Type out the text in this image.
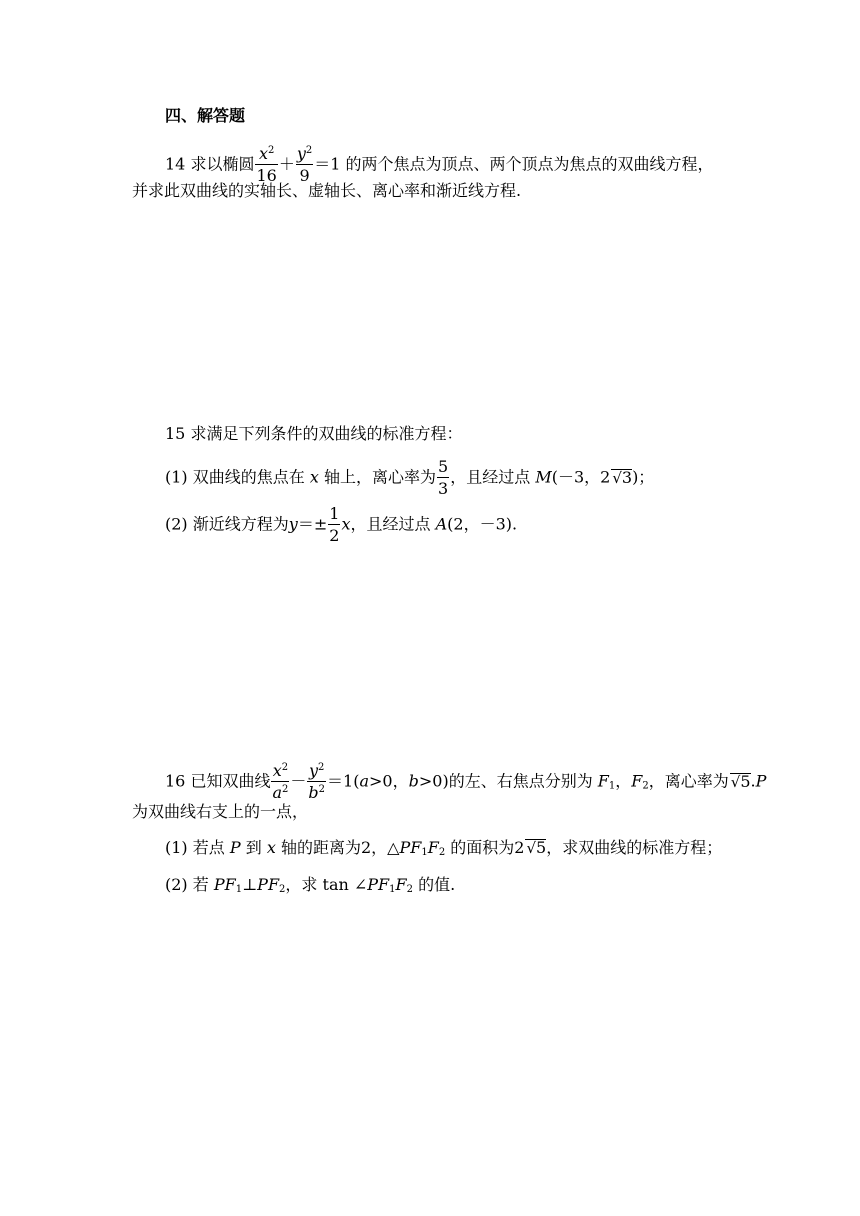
四、解答题
14 求以椭圆 $\frac{x^2}{16} + \frac{y^2}{9} =1$ 的两个焦点为顶点、两个顶点为焦点的双曲线方程，
并求此双曲线的实轴长、虚轴长、离心率和渐近线方程.
15 求满足下列条件的双曲线的标准方程：
(1) 双曲线的焦点在 x 轴上，离心率为 $\frac{5}{3}$ ，且经过点 M(－3，2 √3)；
(2) 渐近线方程为$y=\pm \frac{1}{2}$ x，且经过点 A(2，－3).
16 已知双曲线 $\frac{x^2}{a^2} - \frac{y^2}{b^2} =1(a>0$，b>0)的左、右焦点分别为 $F_1$，$F_2$，离心率为 √5.P
为双曲线右支上的一点，
(1) 若点 P 到 x 轴的距离为2，$\triangle PF_1F_2$ 的面积为2 √5，求双曲线的标准方程；
(2) 若 $PF_1\perp PF_2$，求 $\tan \angle PF_1F_2$ 的值.
